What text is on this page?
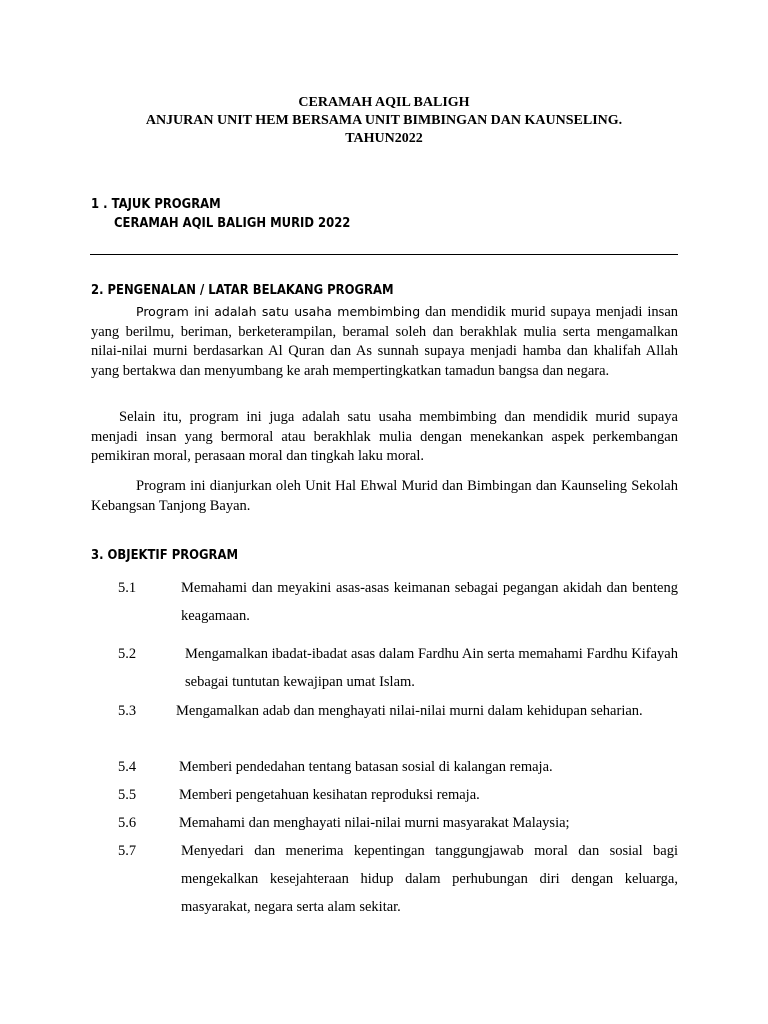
CERAMAH AQIL BALIGH
ANJURAN UNIT HEM BERSAMA UNIT BIMBINGAN DAN KAUNSELING.
TAHUN2022
1 . TAJUK PROGRAM
CERAMAH AQIL BALIGH MURID 2022
2. PENGENALAN / LATAR BELAKANG PROGRAM
Program ini adalah satu usaha membimbing dan mendidik murid supaya menjadi insan yang berilmu, beriman, berketerampilan, beramal soleh dan berakhlak mulia serta mengamalkan nilai-nilai murni berdasarkan Al Quran dan As sunnah supaya menjadi hamba dan khalifah Allah yang bertakwa dan menyumbang ke arah mempertingkatkan tamadun bangsa dan negara.
Selain itu, program ini juga adalah satu usaha membimbing dan mendidik murid supaya menjadi insan yang bermoral atau berakhlak mulia dengan menekankan aspek perkembangan pemikiran moral, perasaan moral dan tingkah laku moral.
Program ini dianjurkan oleh Unit Hal Ehwal Murid dan Bimbingan dan Kaunseling Sekolah Kebangsan Tanjong Bayan.
3. OBJEKTIF PROGRAM
5.1	Memahami dan meyakini asas-asas keimanan sebagai pegangan akidah dan benteng keagamaan.
5.2	Mengamalkan ibadat-ibadat asas dalam Fardhu Ain serta memahami Fardhu Kifayah sebagai tuntutan kewajipan umat Islam.
5.3	Mengamalkan adab dan menghayati nilai-nilai murni dalam kehidupan seharian.
5.4	Memberi pendedahan tentang batasan sosial di kalangan remaja.
5.5	Memberi pengetahuan kesihatan reproduksi remaja.
5.6	Memahami dan menghayati nilai-nilai murni masyarakat Malaysia;
5.7	Menyedari dan menerima kepentingan tanggungjawab moral dan sosial bagi mengekalkan kesejahteraan hidup dalam perhubungan diri dengan keluarga, masyarakat, negara serta alam sekitar.
